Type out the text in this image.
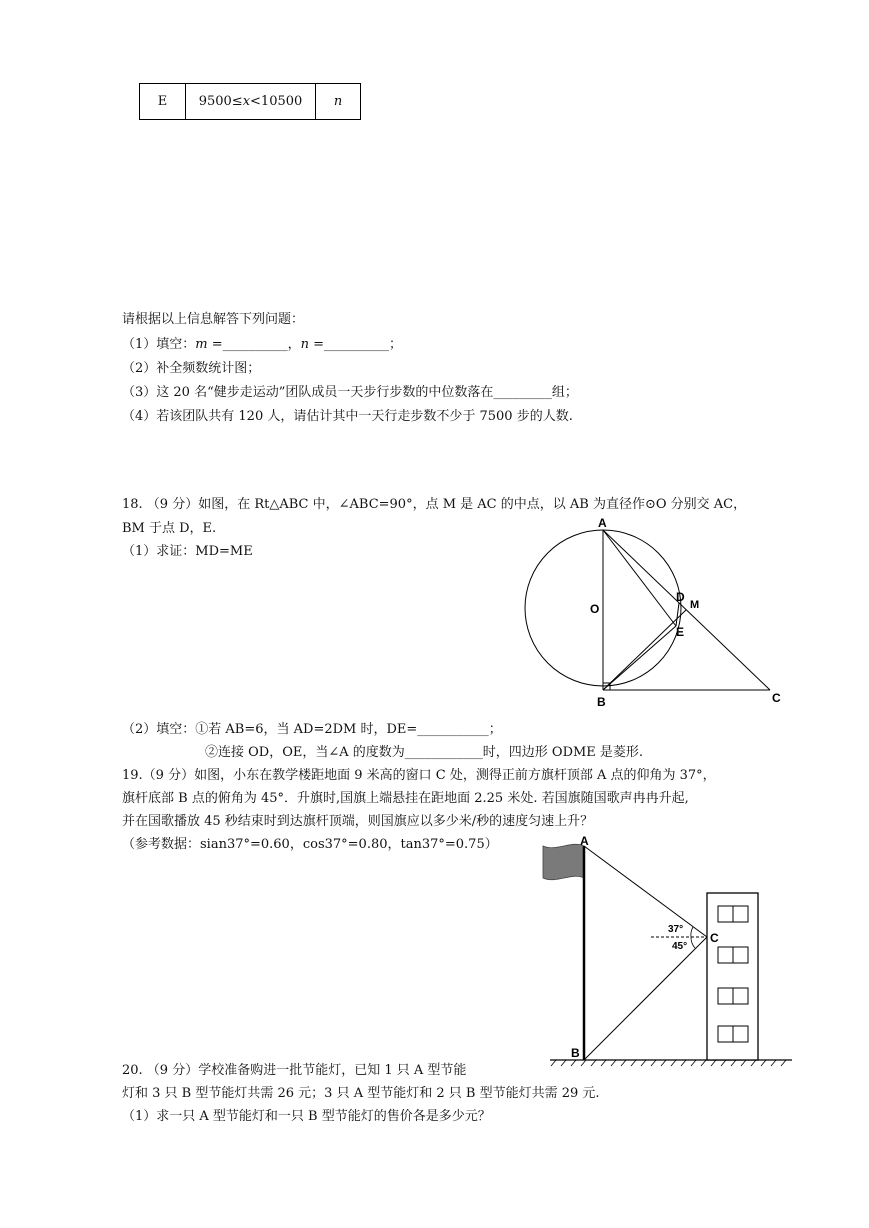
E	9500≤x<10500	n
请根据以上信息解答下列问题：
（1）填空：m =__________，n =__________；
（2）补全频数统计图；
（3）这 20 名“健步走运动”团队成员一天步行步数的中位数落在_________组；
（4）若该团队共有 120 人，请估计其中一天行走步数不少于 7500 步的人数.
18. （9 分）如图，在 Rt△ABC 中，∠ABC=90°，点 M 是 AC 的中点，以 AB 为直径作⊙O 分别交 AC，
BM 于点 D，E.
（1）求证：MD=ME
A
B	C
D
M
E
O
（2）填空：①若 AB=6，当 AD=2DM 时，DE=___________；
②连接 OD，OE，当∠A 的度数为____________时，四边形 ODME 是菱形.
19.（9 分）如图，小东在教学楼距地面 9 米高的窗口 C 处，测得正前方旗杆顶部 A 点的仰角为 37°，
旗杆底部 B 点的俯角为 45°．升旗时,国旗上端悬挂在距地面 2.25 米处. 若国旗随国歌声冉冉升起,
并在国歌播放 45 秒结束时到达旗杆顶端，则国旗应以多少米/秒的速度匀速上升？
（参考数据：sian37°=0.60，cos37°=0.80，tan37°=0.75）
37°
45°
A
B
C
20. （9 分）学校准备购进一批节能灯，已知 1 只 A 型节能
灯和 3 只 B 型节能灯共需 26 元；3 只 A 型节能灯和 2 只 B 型节能灯共需 29 元.
（1）求一只 A 型节能灯和一只 B 型节能灯的售价各是多少元？
